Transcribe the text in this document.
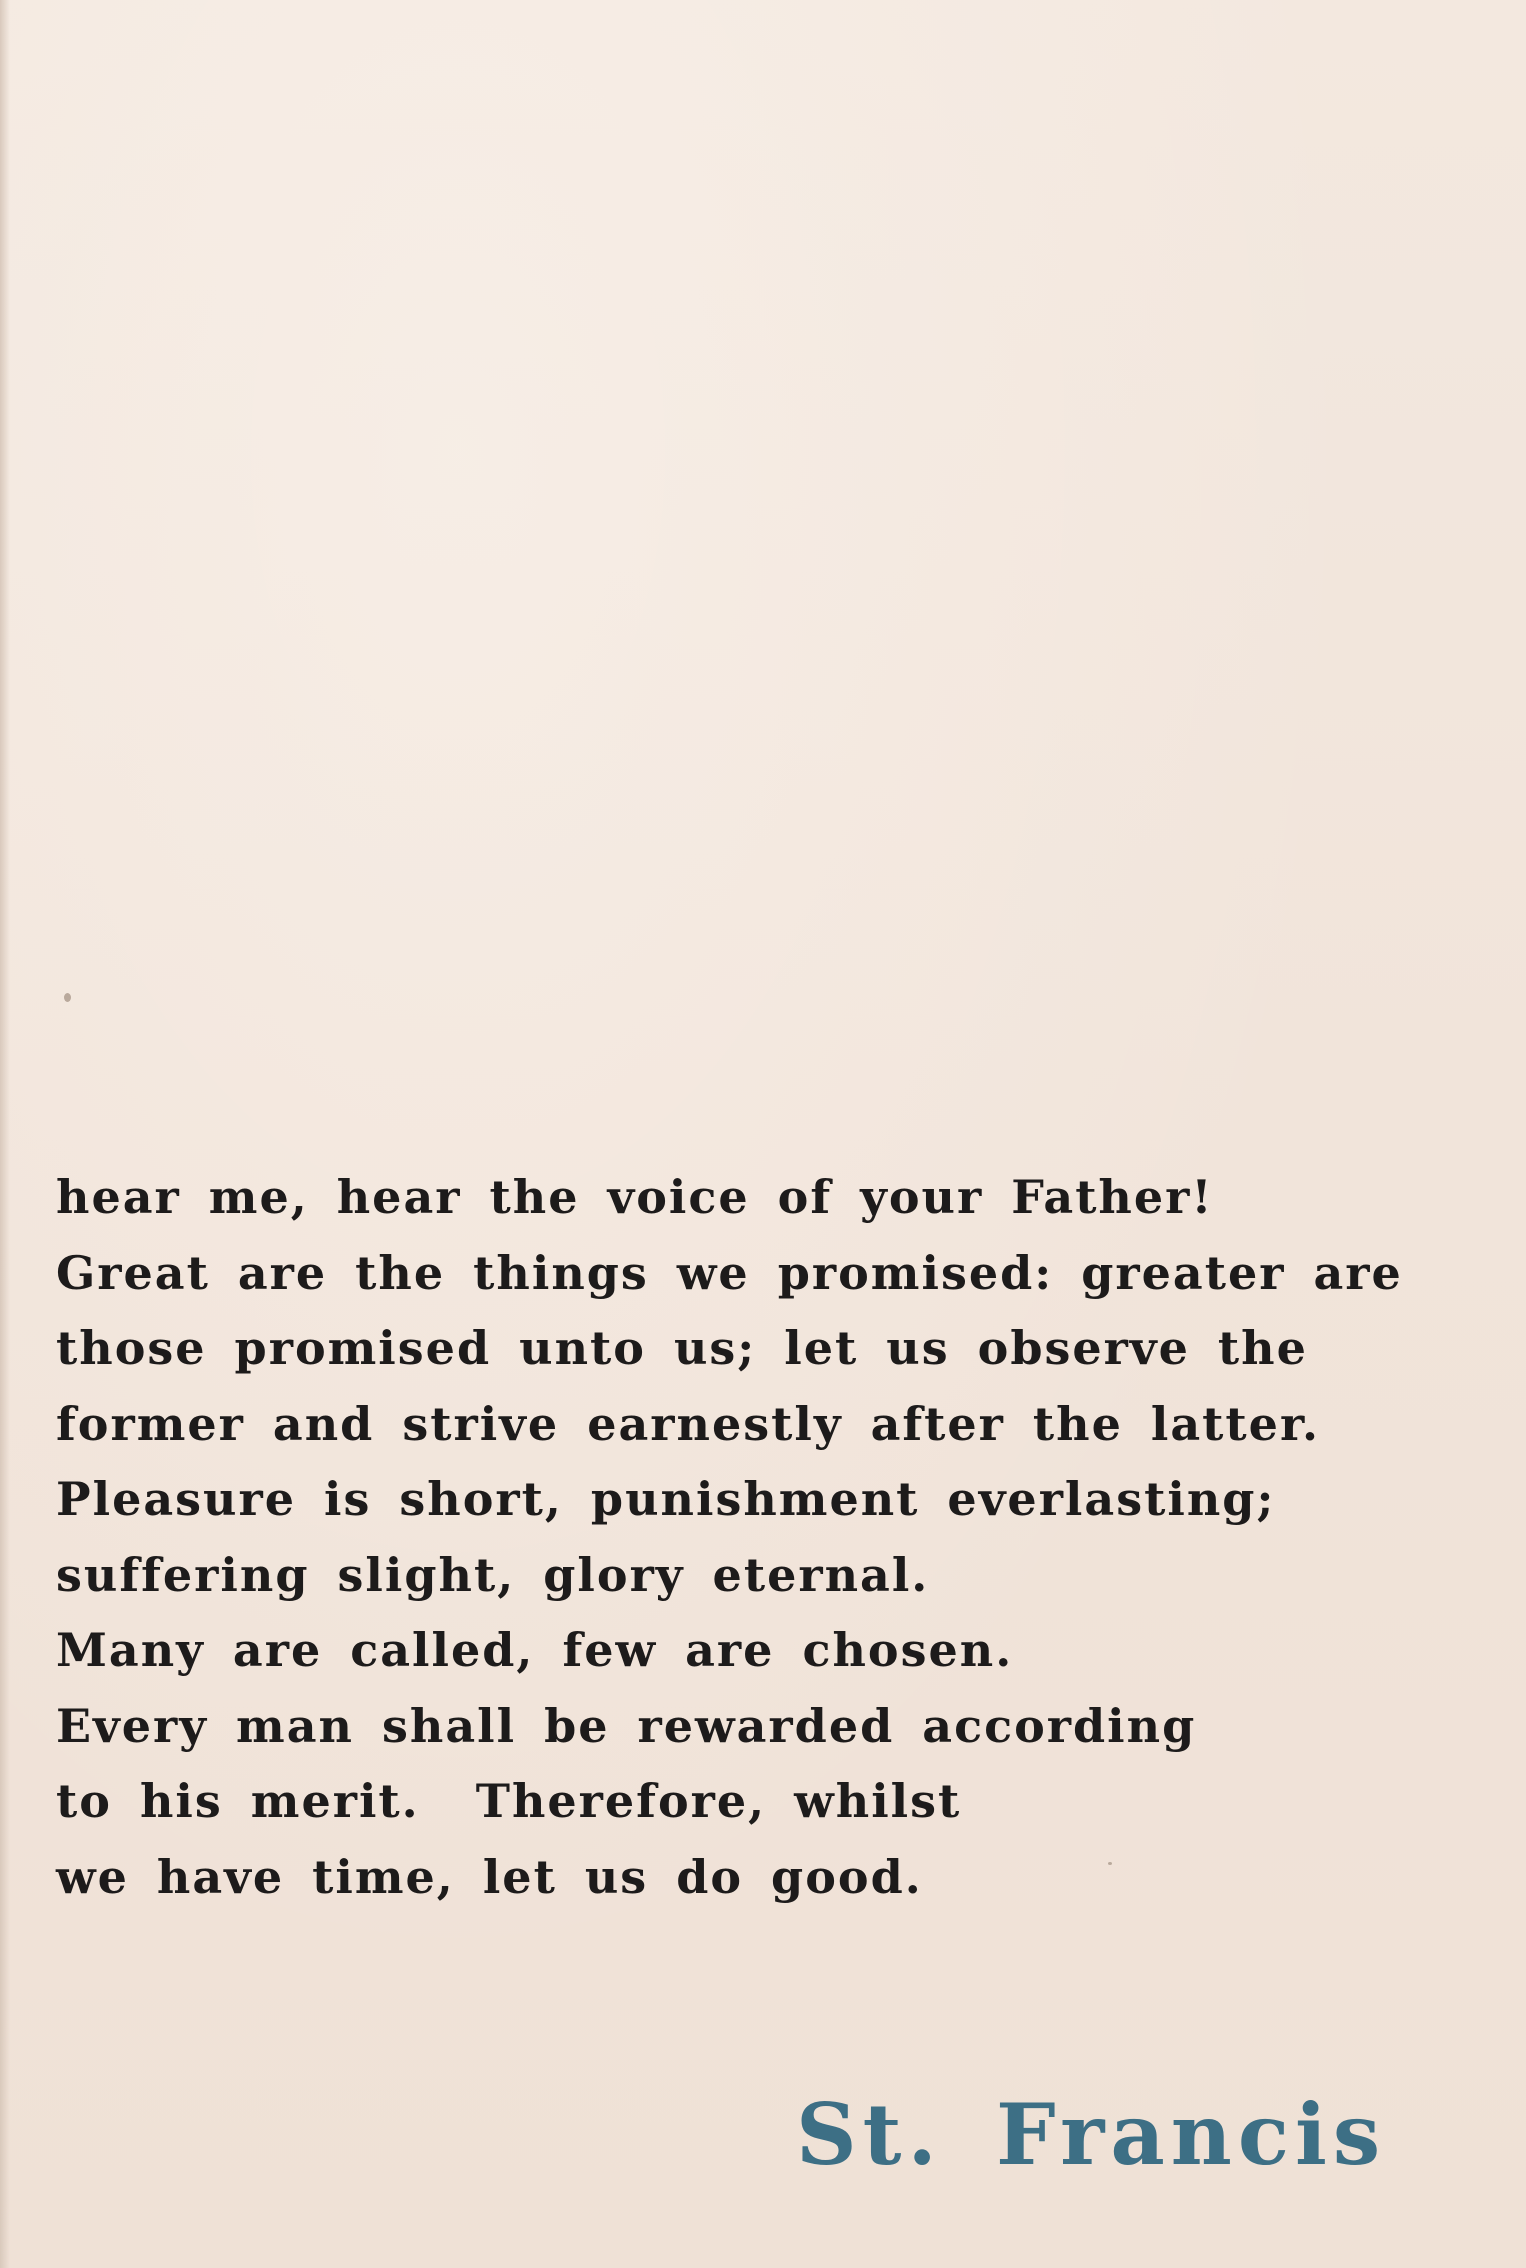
hear me, hear the voice of your Father!
Great are the things we promised: greater are
those promised unto us; let us observe the
former and strive earnestly after the latter.
Pleasure is short, punishment everlasting;
suffering slight, glory eternal.
Many are called, few are chosen.
Every man shall be rewarded according
to his merit.  Therefore, whilst
we have time, let us do good.
St. Francis
